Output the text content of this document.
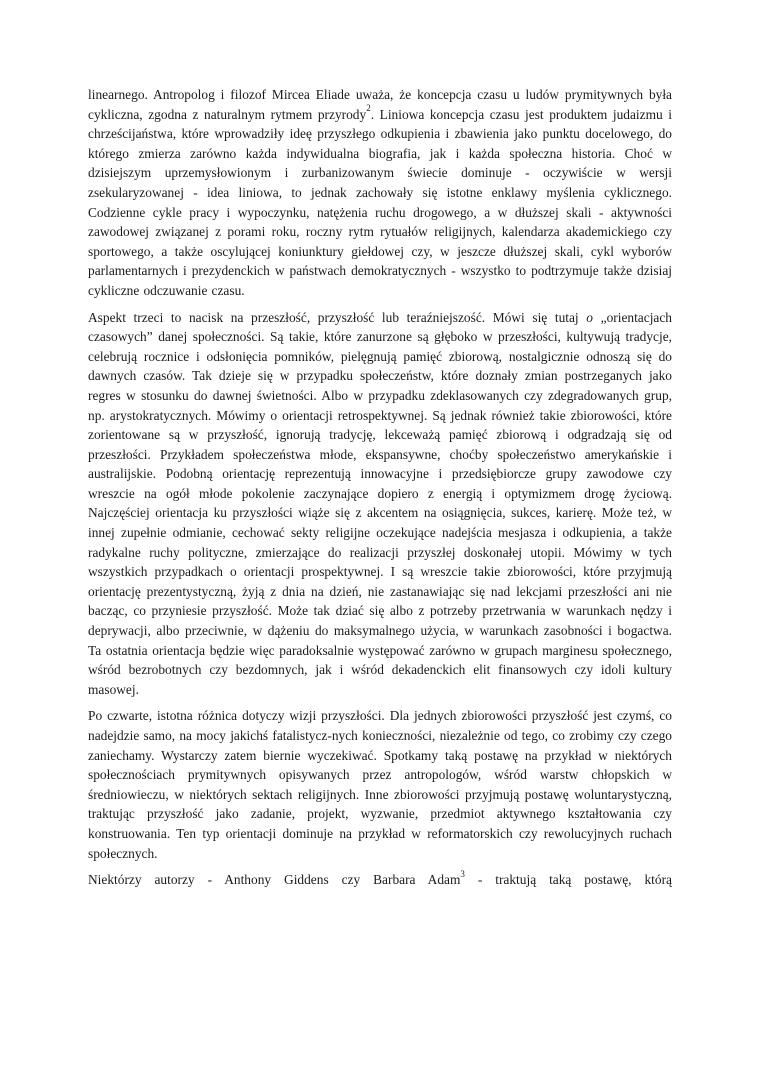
linearnego. Antropolog i filozof Mircea Eliade uważa, że koncepcja czasu u ludów prymitywnych była cykliczna, zgodna z naturalnym rytmem przyrody$^2$. Liniowa koncepcja czasu jest produktem judaizmu i chrześcijaństwa, które wprowadziły ideę przyszłego odkupienia i zbawienia jako punktu docelowego, do którego zmierza zarówno każda indywidualna biografia, jak i każda społeczna historia. Choć w dzisiejszym uprzemysłowionym i zurbanizowanym świecie dominuje - oczywiście w wersji zsekularyzowanej - idea liniowa, to jednak zachowały się istotne enklawy myślenia cyklicznego. Codzienne cykle pracy i wypoczynku, natężenia ruchu drogowego, a w dłuższej skali - aktywności zawodowej związanej z porami roku, roczny rytm rytuałów religijnych, kalendarza akademickiego czy sportowego, a także oscylującej koniunktury giełdowej czy, w jeszcze dłuższej skali, cykl wyborów parlamentarnych i prezydenckich w państwach demokratycznych - wszystko to podtrzymuje także dzisiaj cykliczne odczuwanie czasu.

Aspekt trzeci to nacisk na przeszłość, przyszłość lub teraźniejszość. Mówi się tutaj o „orientacjach czasowych” danej społeczności. Są takie, które zanurzone są głęboko w przeszłości, kultywują tradycje, celebrują rocznice i odsłonięcia pomników, pielęgnują pamięć zbiorową, nostalgicznie odnoszą się do dawnych czasów. Tak dzieje się w przypadku społeczeństw, które doznały zmian postrzeganych jako regres w stosunku do dawnej świetności. Albo w przypadku zdeklasowanych czy zdegradowanych grup, np. arystokratycznych. Mówimy o orientacji retrospektywnej. Są jednak również takie zbiorowości, które zorientowane są w przyszłość, ignorują tradycję, lekceważą pamięć zbiorową i odgradzają się od przeszłości. Przykładem społeczeństwa młode, ekspansywne, choćby społeczeństwo amerykańskie i australijskie. Podobną orientację reprezentują innowacyjne i przedsiębiorcze grupy zawodowe czy wreszcie na ogół młode pokolenie zaczynające dopiero z energią i optymizmem drogę życiową. Najczęściej orientacja ku przyszłości wiąże się z akcentem na osiągnięcia, sukces, karierę. Może też, w innej zupełnie odmianie, cechować sekty religijne oczekujące nadejścia mesjasza i odkupienia, a także radykalne ruchy polityczne, zmierzające do realizacji przyszłej doskonałej utopii. Mówimy w tych wszystkich przypadkach o orientacji prospektywnej. I są wreszcie takie zbiorowości, które przyjmują orientację prezentystyczną, żyją z dnia na dzień, nie zastanawiając się nad lekcjami przeszłości ani nie bacząc, co przyniesie przyszłość. Może tak dziać się albo z potrzeby przetrwania w warunkach nędzy i deprywacji, albo przeciwnie, w dążeniu do maksymalnego użycia, w warunkach zasobności i bogactwa. Ta ostatnia orientacja będzie więc paradoksalnie występować zarówno w grupach marginesu społecznego, wśród bezrobotnych czy bezdomnych, jak i wśród dekadenckich elit finansowych czy idoli kultury masowej.

Po czwarte, istotna różnica dotyczy wizji przyszłości. Dla jednych zbiorowości przyszłość jest czymś, co nadejdzie samo, na mocy jakichś fatalistycz-nych konieczności, niezależnie od tego, co zrobimy czy czego zaniechamy. Wystarczy zatem biernie wyczekiwać. Spotkamy taką postawę na przykład w niektórych społecznościach prymitywnych opisywanych przez antropologów, wśród warstw chłopskich w średniowieczu, w niektórych sektach religijnych. Inne zbiorowości przyjmują postawę woluntarystyczną, traktując przyszłość jako zadanie, projekt, wyzwanie, przedmiot aktywnego kształtowania czy konstruowania. Ten typ orientacji dominuje na przykład w reformatorskich czy rewolucyjnych ruchach społecznych.

Niektórzy autorzy - Anthony Giddens czy Barbara Adam$^3$ - traktują taką postawę, którą
